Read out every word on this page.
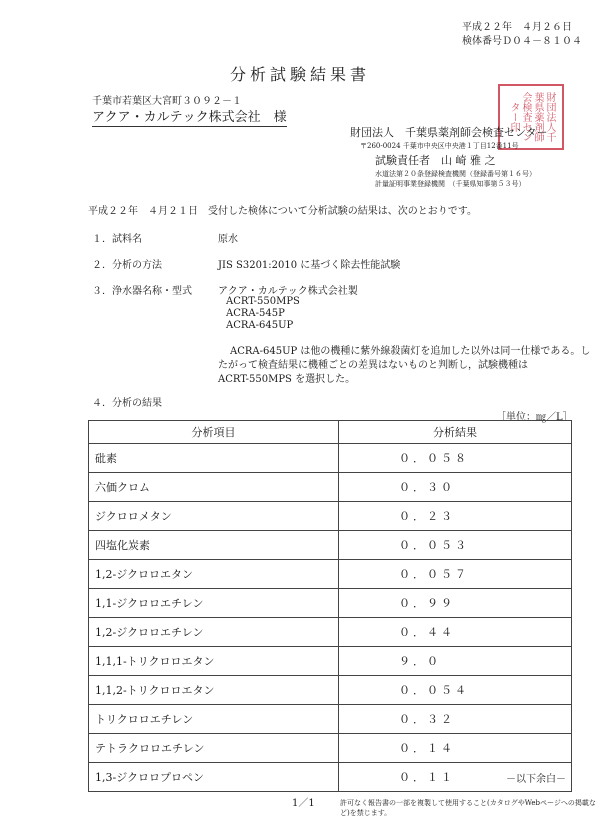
平成２２年　４月２６日
検体番号Ｄ０４－８１０４
分析試験結果書
千葉市若葉区大宮町３０９２－１
アクア・カルテック株式会社　様	財団法人千葉県薬剤師会検査センター印
財団法人　千葉県薬剤師会検査センター
〒260-0024 千葉市中央区中央港１丁目12番11号
試験責任者　山 崎 雅 之
水道法第２０条登録検査機関（登録番号第１６号）
計量証明事業登録機関　（千葉県知事第５３号）
平成２２年　４月２１日　受付した検体について分析試験の結果は、次のとおりです。
１．試料名	原水
２．分析の方法	JIS S3201:2010 に基づく除去性能試験
３．浄水器名称・型式	アクア・カルテック株式会社製
ACRT-550MPS
ACRA-545P
ACRA-645UP
ACRA-645UP は他の機種に紫外線殺菌灯を追加した以外は同一仕様である。し
たがって検査結果に機種ごとの差異はないものと判断し，試験機種は
ACRT-550MPS を選択した。
４．分析の結果
［単位：㎎／L］
分析項目	分析結果
砒素	０．０５８
六価クロム	０．３０
ジクロロメタン	０．２３
四塩化炭素	０．０５３
1,2-ジクロロエタン	０．０５７
1,1-ジクロロエチレン	０．９９
1,2-ジクロロエチレン	０．４４
1,1,1-トリクロロエタン	９．０
1,1,2-トリクロロエタン	０．０５４
トリクロロエチレン	０．３２
テトラクロロエチレン	０．１４
1,3-ジクロロプロペン	０．１１	－以下余白－
1／1	許可なく報告書の一部を複製して使用すること(カタログやWebページへの掲載など)を禁じます。
